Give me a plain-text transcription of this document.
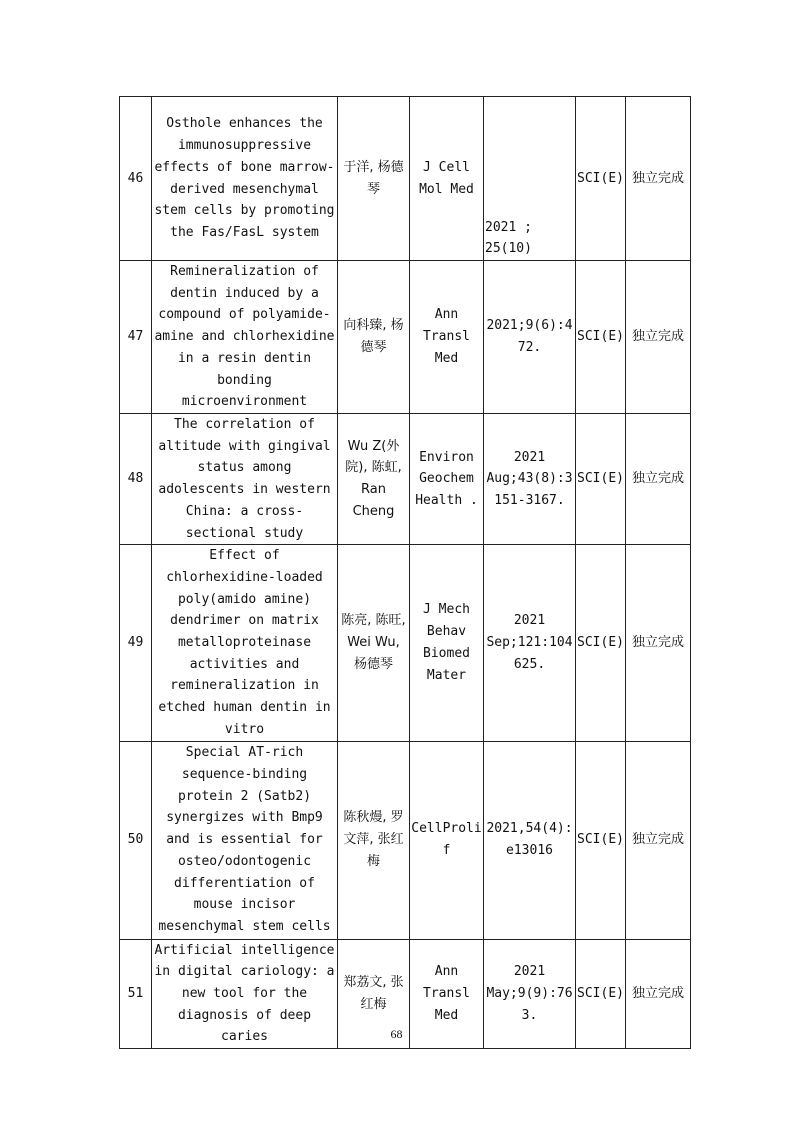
46	Osthole enhances the immunosuppressive effects of bone marrow-derived mesenchymal stem cells by promoting the Fas/FasL system	于洋, 杨德琴	J Cell Mol Med	2021 ; 25(10)	SCI(E)	独立完成
47	Remineralization of dentin induced by a compound of polyamide-amine and chlorhexidine in a resin dentin bonding microenvironment	向科臻, 杨德琴	Ann Transl Med	2021;9(6):472.	SCI(E)	独立完成
48	The correlation of altitude with gingival status among adolescents in western China: a cross-sectional study	Wu Z(外院), 陈虹, Ran Cheng	Environ Geochem Health .	2021 Aug;43(8):3151-3167.	SCI(E)	独立完成
49	Effect of chlorhexidine-loaded poly(amido amine) dendrimer on matrix metalloproteinase activities and remineralization in etched human dentin in vitro	陈亮, 陈旺, Wei Wu, 杨德琴	J Mech Behav Biomed Mater	2021 Sep;121:104625.	SCI(E)	独立完成
50	Special AT-rich sequence-binding protein 2 (Satb2) synergizes with Bmp9 and is essential for osteo/odontogenic differentiation of mouse incisor mesenchymal stem cells	陈秋熳, 罗文萍, 张红梅	CellProlif	2021,54(4):e13016	SCI(E)	独立完成
51	Artificial intelligence in digital cariology: a new tool for the diagnosis of deep caries	郑荔文, 张红梅	Ann Transl Med	2021 May;9(9):763.	SCI(E)	独立完成
68
